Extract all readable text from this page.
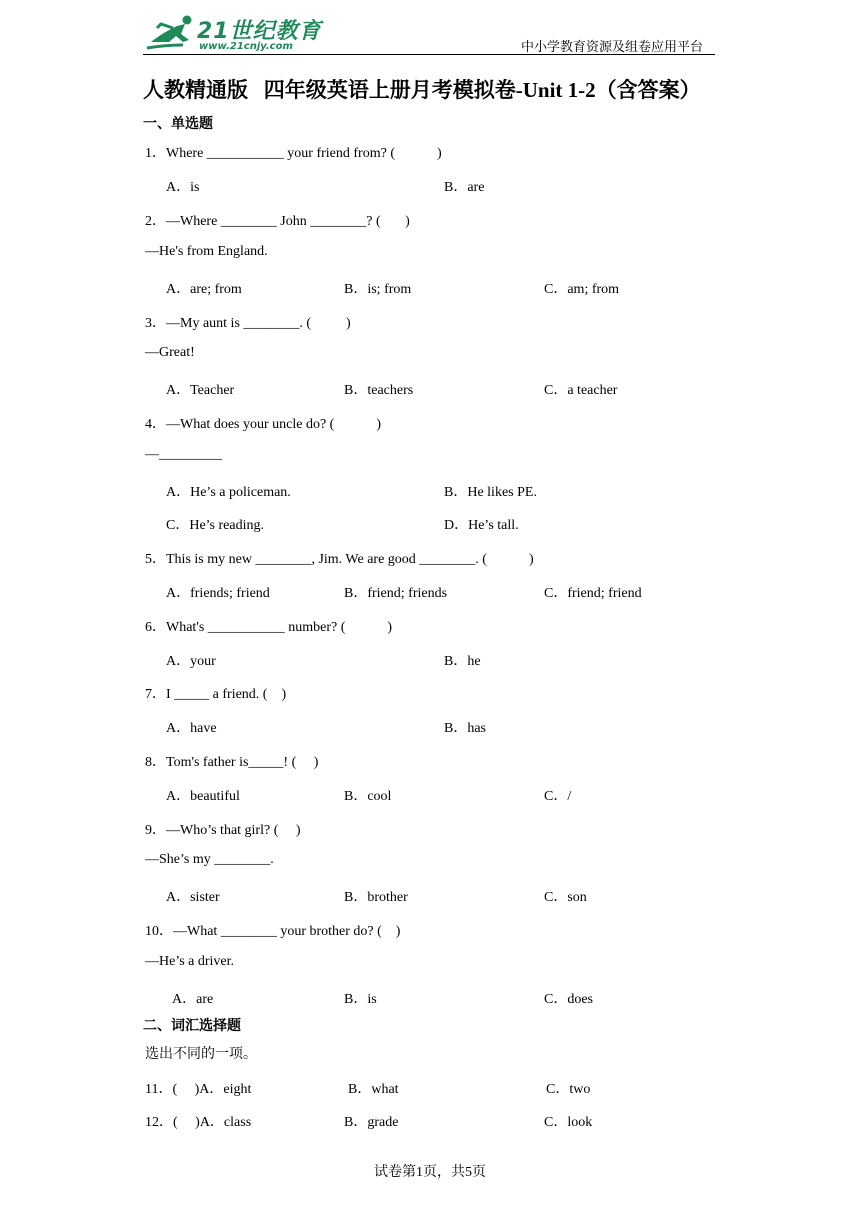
21世纪教育
www.21cnjy.com	中小学教育资源及组卷应用平台
人教精通版   四年级英语上册月考模拟卷-Unit 1-2（含答案）
一、单选题
1．Where ___________ your friend from? (            )
A．is	B．are
2．—Where ________ John ________? (       )
—He's from England.
A．are; from	B．is; from	C．am; from
3．—My aunt is ________. (          )
—Great!
A．Teacher	B．teachers	C．a teacher
4．—What does your uncle do? (            )
—_________
A．He’s a policeman.	B．He likes PE.
C．He’s reading.	D．He’s tall.
5．This is my new ________, Jim. We are good ________. (            )
A．friends; friend	B．friend; friends	C．friend; friend
6．What's ___________ number? (            )
A．your	B．he
7．I _____ a friend. (    )
A．have	B．has
8．Tom's father is_____! (     )
A．beautiful	B．cool	C．/
9．—Who’s that girl? (     )
—She’s my ________.
A．sister	B．brother	C．son
10．—What ________ your brother do? (    )
—He’s a driver.
A．are	B．is	C．does
二、词汇选择题
选出不同的一项。
11．(     )A．eight	B．what	C．two
12．(     )A．class	B．grade	C．look
试卷第1页，共5页
